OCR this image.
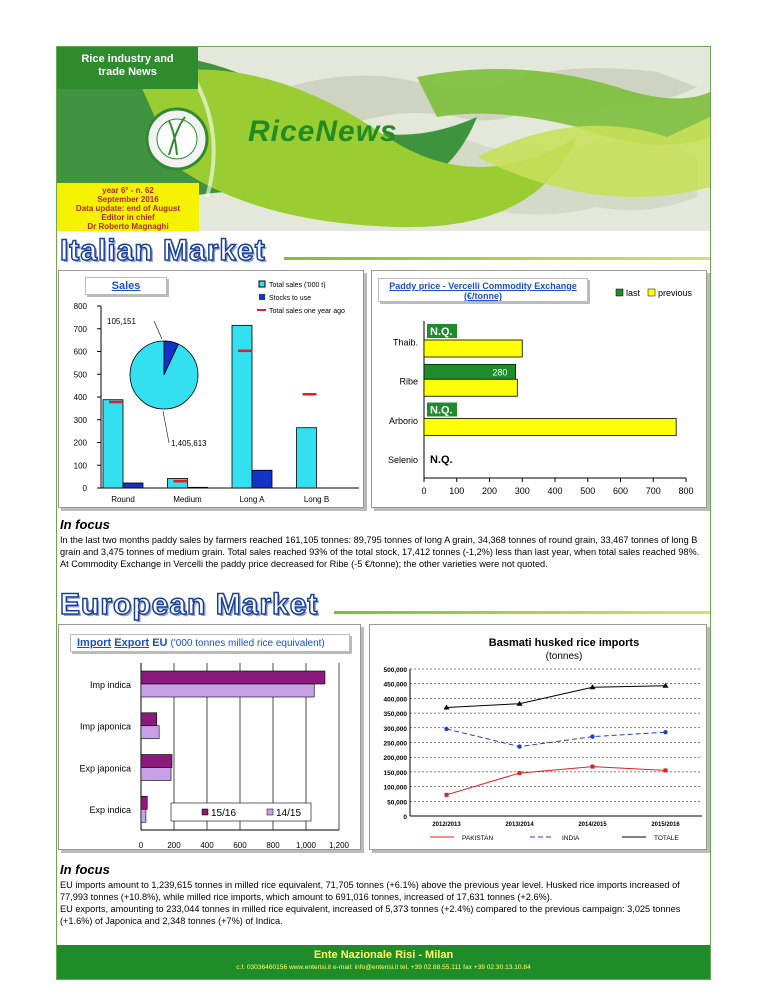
Rice industry and
trade News
RiceNews
year 6° - n. 62
September 2016
Data update: end of August
Editor in chief
Dr Roberto Magnaghi
Italian Market
0
100
200
300
400
500
600
700
800
Round	Medium	Long A	Long B
Total sales ('000 t)
Stocks to use
Total sales one year ago
105,151
1,405,613
Sales
0	100 200 300 400 500 600 700 800
Thaib.
N.Q.
Ribe
280
Arborio
N.Q.
Selenio N.Q.
last previous
Paddy price - Vercelli Commodity Exchange
(€/tonne)
In focus

In the last two months paddy sales by farmers reached 161,105 tonnes: 89,795 tonnes of long A grain, 34,368 tonnes of round grain, 33,467 tonnes of long B grain and 3,475 tonnes of medium grain. Total sales reached 93% of the total stock, 17,412 tonnes (-1,2%) less than last year, when total sales reached 98%.

At Commodity Exchange in Vercelli the paddy price decreased for Ribe (-5 €/tonne); the other varieties were not quoted.

European Market
0	200 400 600 800 1,000 1,200
Imp indica
Imp japonica
Exp japonica
Exp indica	15/16	14/15
Import Export EU ('000 tonnes milled rice equivalent)	Basmati husked rice imports
(tonnes)
0
50,000
100,000
150,000
200,000
250,000
300,000
350,000
400,000
450,000
500,000
2012/2013	2013/2014	2014/2015	2015/2016
PAKISTAN	INDIA	TOTALE
In focus

EU imports amount to 1,239,615 tonnes in milled rice equivalent, 71,705 tonnes (+6.1%) above the previous year level. Husked rice imports increased of 77,993 tonnes (+10.8%), while milled rice imports, which amount to 691,016 tonnes, increased of 17,631 tonnes (+2.6%).

EU exports, amounting to 233,044 tonnes in milled rice equivalent, increased of 5,373 tonnes (+2.4%) compared to the previous campaign: 3,025 tonnes (+1.6%) of Japonica and 2,348 tonnes (+7%) of Indica.

Ente Nazionale Risi - Milan
c.f. 03036460156 www.enterisi.it e-mail: info@enterisi.it tel. +39 02.88.55.111 fax +39 02.30.13.10.84
